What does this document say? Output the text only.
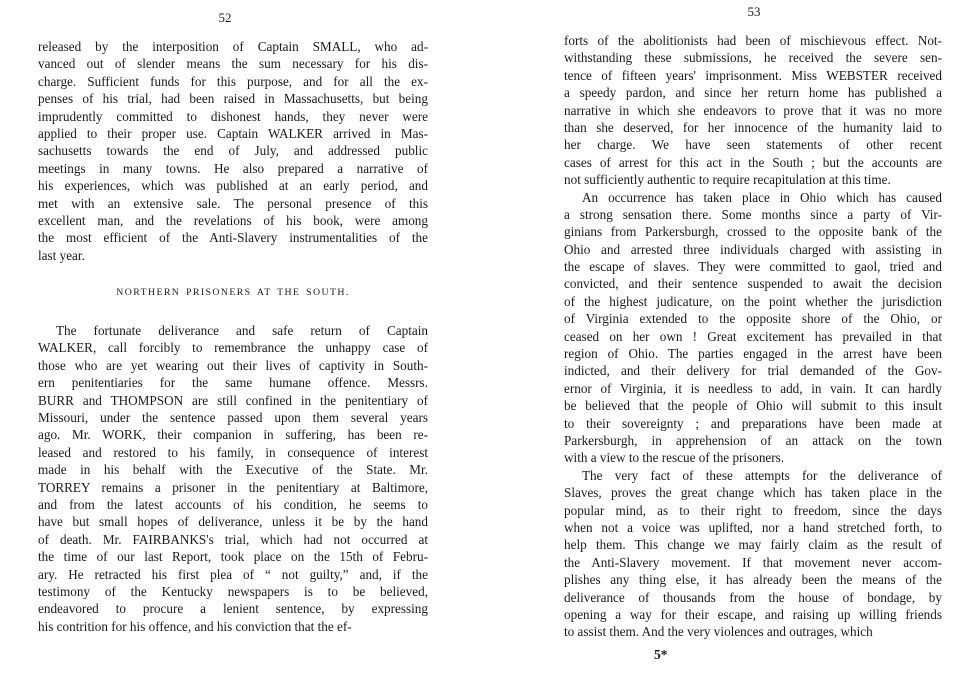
52
released by the interposition of Captain SMALL, who ad-
vanced out of slender means the sum necessary for his dis-
charge. Sufficient funds for this purpose, and for all the ex-
penses of his trial, had been raised in Massachusetts, but being
imprudently committed to dishonest hands, they never were
applied to their proper use. Captain WALKER arrived in Mas-
sachusetts towards the end of July, and addressed public
meetings in many towns. He also prepared a narrative of
his experiences, which was published at an early period, and
met with an extensive sale. The personal presence of this
excellent man, and the revelations of his book, were among
the most efficient of the Anti-Slavery instrumentalities of the
last year.
NORTHERN PRISONERS AT THE SOUTH.
The fortunate deliverance and safe return of Captain
WALKER, call forcibly to remembrance the unhappy case of
those who are yet wearing out their lives of captivity in South-
ern penitentiaries for the same humane offence. Messrs.
BURR and THOMPSON are still confined in the penitentiary of
Missouri, under the sentence passed upon them several years
ago. Mr. WORK, their companion in suffering, has been re-
leased and restored to his family, in consequence of interest
made in his behalf with the Executive of the State. Mr.
TORREY remains a prisoner in the penitentiary at Baltimore,
and from the latest accounts of his condition, he seems to
have but small hopes of deliverance, unless it be by the hand
of death. Mr. FAIRBANKS's trial, which had not occurred at
the time of our last Report, took place on the 15th of Febru-
ary. He retracted his first plea of “ not guilty,” and, if the
testimony of the Kentucky newspapers is to be believed,
endeavored to procure a lenient sentence, by expressing
his contrition for his offence, and his conviction that the ef-
53
forts of the abolitionists had been of mischievous effect. Not-
withstanding these submissions, he received the severe sen-
tence of fifteen years' imprisonment. Miss WEBSTER received
a speedy pardon, and since her return home has published a
narrative in which she endeavors to prove that it was no more
than she deserved, for her innocence of the humanity laid to
her charge. We have seen statements of other recent
cases of arrest for this act in the South ; but the accounts are
not sufficiently authentic to require recapitulation at this time.
An occurrence has taken place in Ohio which has caused
a strong sensation there. Some months since a party of Vir-
ginians from Parkersburgh, crossed to the opposite bank of the
Ohio and arrested three individuals charged with assisting in
the escape of slaves. They were committed to gaol, tried and
convicted, and their sentence suspended to await the decision
of the highest judicature, on the point whether the jurisdiction
of Virginia extended to the opposite shore of the Ohio, or
ceased on her own ! Great excitement has prevailed in that
region of Ohio. The parties engaged in the arrest have been
indicted, and their delivery for trial demanded of the Gov-
ernor of Virginia, it is needless to add, in vain. It can hardly
be believed that the people of Ohio will submit to this insult
to their sovereignty ; and preparations have been made at
Parkersburgh, in apprehension of an attack on the town
with a view to the rescue of the prisoners.
The very fact of these attempts for the deliverance of
Slaves, proves the great change which has taken place in the
popular mind, as to their right to freedom, since the days
when not a voice was uplifted, nor a hand stretched forth, to
help them. This change we may fairly claim as the result of
the Anti-Slavery movement. If that movement never accom-
plishes any thing else, it has already been the means of the
deliverance of thousands from the house of bondage, by
opening a way for their escape, and raising up willing friends
to assist them. And the very violences and outrages, which
5*
